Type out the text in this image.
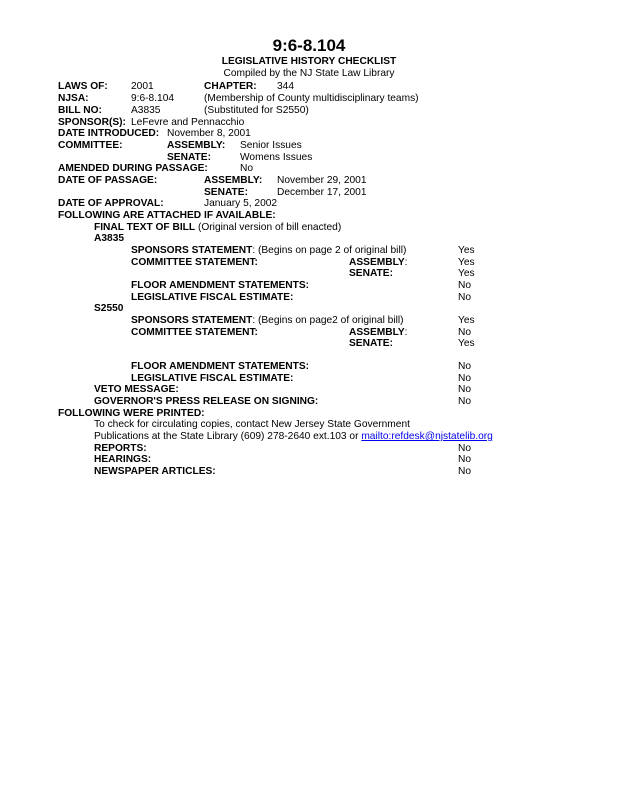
9:6-8.104
LEGISLATIVE HISTORY CHECKLIST
Compiled by the NJ State Law Library
LAWS OF: 2001	CHAPTER: 344
NJSA:	9:6-8.104	(Membership of County multidisciplinary teams)
BILL NO:	A3835	(Substituted for S2550)
SPONSOR(S): LeFevre and Pennacchio
DATE INTRODUCED: November 8, 2001
COMMITTEE:	ASSEMBLY: Senior Issues
SENATE:	Womens Issues
AMENDED DURING PASSAGE:	No
DATE OF PASSAGE:	ASSEMBLY: November 29, 2001
SENATE:	December 17, 2001
DATE OF APPROVAL:	January 5, 2002
FOLLOWING ARE ATTACHED IF AVAILABLE:
FINAL TEXT OF BILL (Original version of bill enacted)
A3835
SPONSORS STATEMENT: (Begins on page 2 of original bill)	Yes
COMMITTEE STATEMENT:	ASSEMBLY:	Yes
SENATE:	Yes
FLOOR AMENDMENT STATEMENTS:	No
LEGISLATIVE FISCAL ESTIMATE:	No
S2550
SPONSORS STATEMENT: (Begins on page2 of original bill)	Yes
COMMITTEE STATEMENT:	ASSEMBLY:	No
SENATE:	Yes
FLOOR AMENDMENT STATEMENTS:	No
LEGISLATIVE FISCAL ESTIMATE:	No
VETO MESSAGE:	No
GOVERNOR'S PRESS RELEASE ON SIGNING:	No
FOLLOWING WERE PRINTED:
To check for circulating copies, contact New Jersey State Government
Publications at the State Library (609) 278-2640 ext.103 or mailto:refdesk@njstatelib.org
REPORTS:	No
HEARINGS:	No
NEWSPAPER ARTICLES:	No
